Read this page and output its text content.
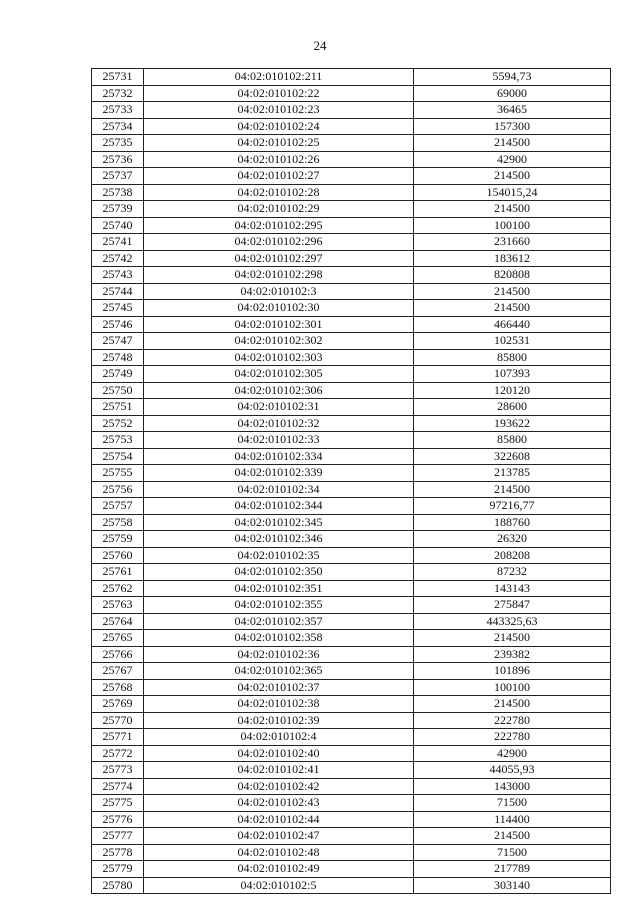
24
25731	04:02:010102:211	5594,73
25732	04:02:010102:22	69000
25733	04:02:010102:23	36465
25734	04:02:010102:24	157300
25735	04:02:010102:25	214500
25736	04:02:010102:26	42900
25737	04:02:010102:27	214500
25738	04:02:010102:28	154015,24
25739	04:02:010102:29	214500
25740	04:02:010102:295	100100
25741	04:02:010102:296	231660
25742	04:02:010102:297	183612
25743	04:02:010102:298	820808
25744	04:02:010102:3	214500
25745	04:02:010102:30	214500
25746	04:02:010102:301	466440
25747	04:02:010102:302	102531
25748	04:02:010102:303	85800
25749	04:02:010102:305	107393
25750	04:02:010102:306	120120
25751	04:02:010102:31	28600
25752	04:02:010102:32	193622
25753	04:02:010102:33	85800
25754	04:02:010102:334	322608
25755	04:02:010102:339	213785
25756	04:02:010102:34	214500
25757	04:02:010102:344	97216,77
25758	04:02:010102:345	188760
25759	04:02:010102:346	26320
25760	04:02:010102:35	208208
25761	04:02:010102:350	87232
25762	04:02:010102:351	143143
25763	04:02:010102:355	275847
25764	04:02:010102:357	443325,63
25765	04:02:010102:358	214500
25766	04:02:010102:36	239382
25767	04:02:010102:365	101896
25768	04:02:010102:37	100100
25769	04:02:010102:38	214500
25770	04:02:010102:39	222780
25771	04:02:010102:4	222780
25772	04:02:010102:40	42900
25773	04:02:010102:41	44055,93
25774	04:02:010102:42	143000
25775	04:02:010102:43	71500
25776	04:02:010102:44	114400
25777	04:02:010102:47	214500
25778	04:02:010102:48	71500
25779	04:02:010102:49	217789
25780	04:02:010102:5	303140
